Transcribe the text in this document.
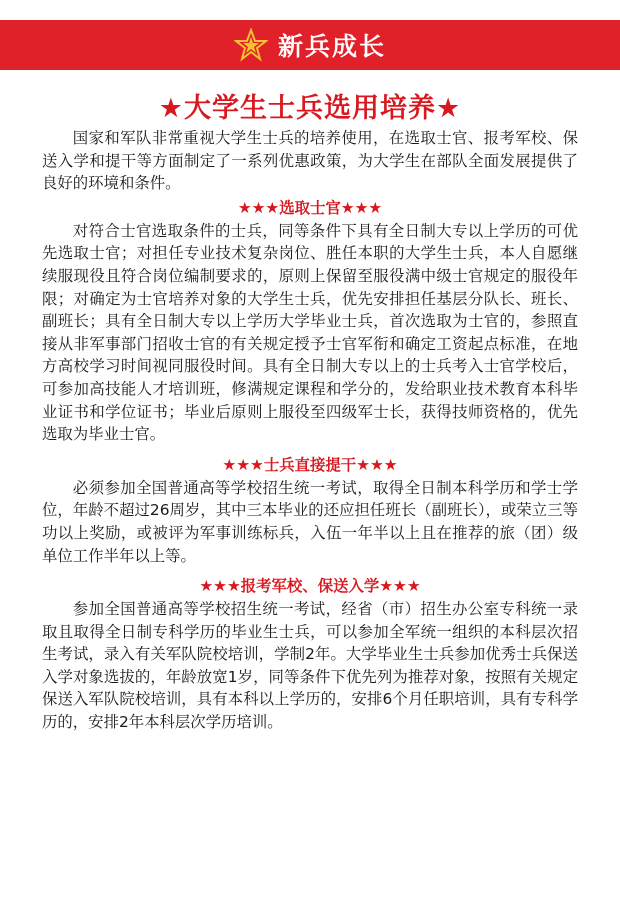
新兵成长
★大学生士兵选用培养★

国家和军队非常重视大学生士兵的培养使用，在选取士官、报考军校、保送入学和提干等方面制定了一系列优惠政策，为大学生在部队全面发展提供了良好的环境和条件。

★★★选取士官★★★

对符合士官选取条件的士兵，同等条件下具有全日制大专以上学历的可优先选取士官；对担任专业技术复杂岗位、胜任本职的大学生士兵，本人自愿继续服现役且符合岗位编制要求的，原则上保留至服役满中级士官规定的服役年限；对确定为士官培养对象的大学生士兵，优先安排担任基层分队长、班长、副班长；具有全日制大专以上学历大学毕业士兵，首次选取为士官的，参照直接从非军事部门招收士官的有关规定授予士官军衔和确定工资起点标准，在地方高校学习时间视同服役时间。具有全日制大专以上的士兵考入士官学校后，可参加高技能人才培训班，修满规定课程和学分的，发给职业技术教育本科毕业证书和学位证书；毕业后原则上服役至四级军士长，获得技师资格的，优先选取为毕业士官。

★★★士兵直接提干★★★

必须参加全国普通高等学校招生统一考试，取得全日制本科学历和学士学位，年龄不超过26周岁，其中三本毕业的还应担任班长（副班长），或荣立三等功以上奖励，或被评为军事训练标兵，入伍一年半以上且在推荐的旅（团）级单位工作半年以上等。

★★★报考军校、保送入学★★★

参加全国普通高等学校招生统一考试，经省（市）招生办公室专科统一录取且取得全日制专科学历的毕业生士兵，可以参加全军统一组织的本科层次招生考试，录入有关军队院校培训，学制2年。大学毕业生士兵参加优秀士兵保送入学对象选拔的，年龄放宽1岁，同等条件下优先列为推荐对象，按照有关规定保送入军队院校培训，具有本科以上学历的，安排6个月任职培训，具有专科学历的，安排2年本科层次学历培训。
